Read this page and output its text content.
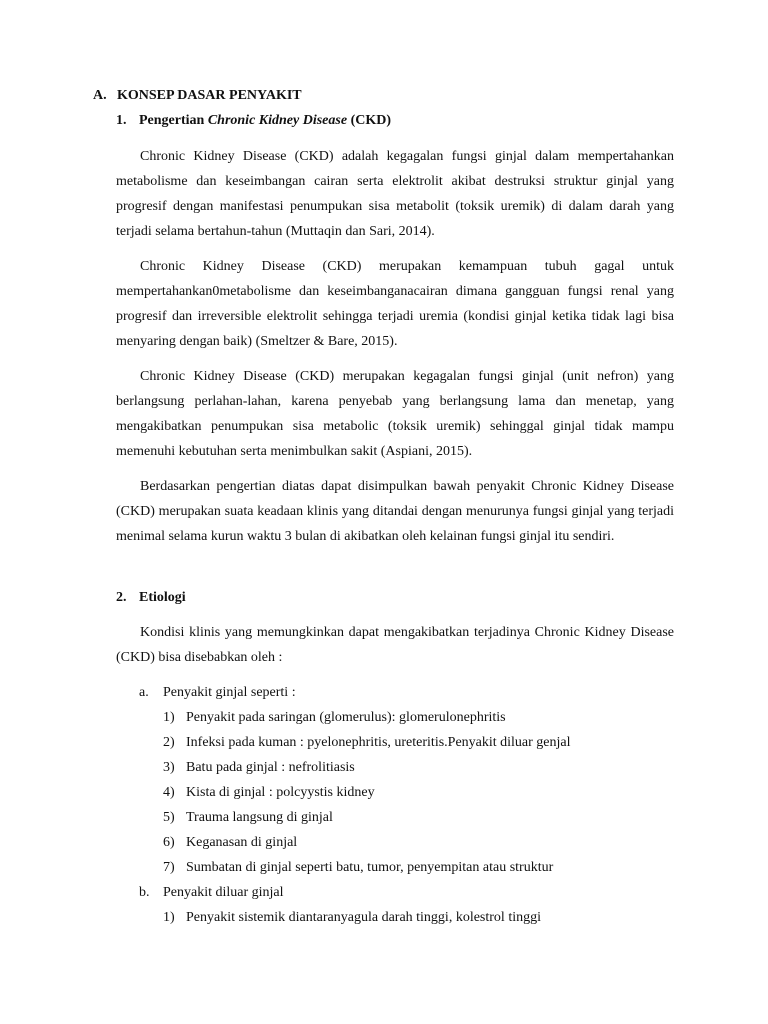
A. KONSEP DASAR PENYAKIT
1. Pengertian Chronic Kidney Disease (CKD)

Chronic Kidney Disease (CKD) adalah kegagalan fungsi ginjal dalam mempertahankan metabolisme dan keseimbangan cairan serta elektrolit akibat destruksi struktur ginjal yang progresif dengan manifestasi penumpukan sisa metabolit (toksik uremik) di dalam darah yang terjadi selama bertahun-tahun (Muttaqin dan Sari, 2014).

Chronic Kidney Disease (CKD) merupakan kemampuan tubuh gagal untuk mempertahankan0metabolisme dan keseimbanganacairan dimana gangguan fungsi renal yang progresif dan irreversible elektrolit sehingga terjadi uremia (kondisi ginjal ketika tidak lagi bisa menyaring dengan baik) (Smeltzer & Bare, 2015).

Chronic Kidney Disease (CKD) merupakan kegagalan fungsi ginjal (unit nefron) yang berlangsung perlahan-lahan, karena penyebab yang berlangsung lama dan menetap, yang mengakibatkan penumpukan sisa metabolic (toksik uremik) sehinggal ginjal tidak mampu memenuhi kebutuhan serta menimbulkan sakit (Aspiani, 2015).

Berdasarkan pengertian diatas dapat disimpulkan bawah penyakit Chronic Kidney Disease (CKD) merupakan suata keadaan klinis yang ditandai dengan menurunya fungsi ginjal yang terjadi menimal selama kurun waktu 3 bulan di akibatkan oleh kelainan fungsi ginjal itu sendiri.

2. Etiologi

Kondisi klinis yang memungkinkan dapat mengakibatkan terjadinya Chronic Kidney Disease (CKD) bisa disebabkan oleh :

a. Penyakit ginjal seperti :
1) Penyakit pada saringan (glomerulus): glomerulonephritis
2) Infeksi pada kuman : pyelonephritis, ureteritis.Penyakit diluar genjal
3) Batu pada ginjal : nefrolitiasis
4) Kista di ginjal : polcyystis kidney
5) Trauma langsung di ginjal
6) Keganasan di ginjal
7) Sumbatan di ginjal seperti batu, tumor, penyempitan atau struktur
b. Penyakit diluar ginjal
1) Penyakit sistemik diantaranyagula darah tinggi, kolestrol tinggi
